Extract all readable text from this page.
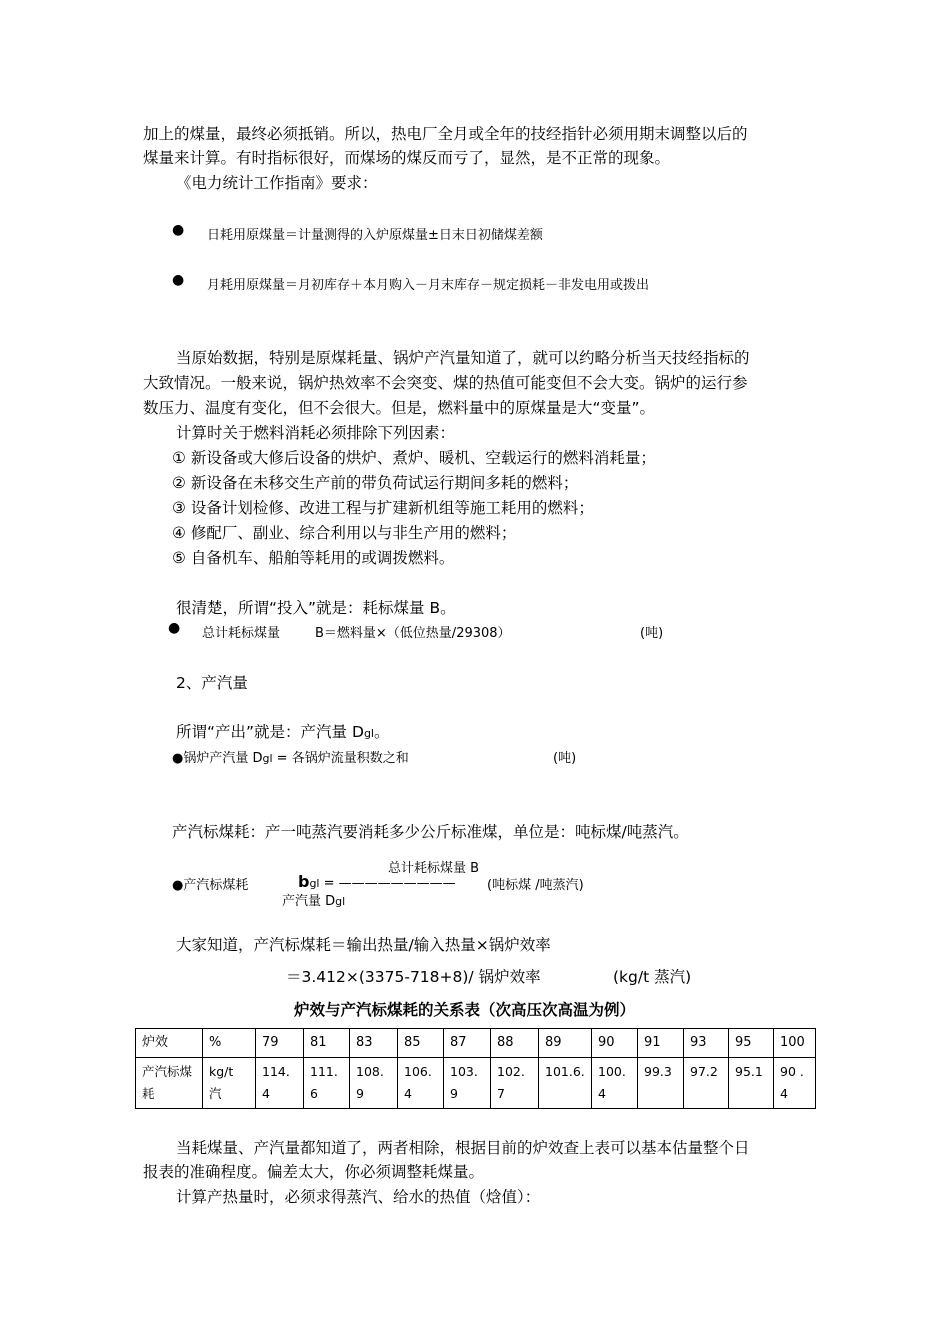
加上的煤量，最终必须抵销。所以，热电厂全月或全年的技经指针必须用期末调整以后的
煤量来计算。有时指标很好，而煤场的煤反而亏了，显然，是不正常的现象。
《电力统计工作指南》要求：
● 日耗用原煤量＝计量测得的入炉原煤量±日末日初储煤差额
● 月耗用原煤量＝月初库存＋本月购入－月末库存－规定损耗－非发电用或拨出
当原始数据，特别是原煤耗量、锅炉产汽量知道了，就可以约略分析当天技经指标的
大致情况。一般来说，锅炉热效率不会突变、煤的热值可能变但不会大变。锅炉的运行参
数压力、温度有变化，但不会很大。但是，燃料量中的原煤量是大“变量”。
计算时关于燃料消耗必须排除下列因素：
① 新设备或大修后设备的烘炉、煮炉、暖机、空载运行的燃料消耗量；
② 新设备在未移交生产前的带负荷试运行期间多耗的燃料；
③ 设备计划检修、改进工程与扩建新机组等施工耗用的燃料；
④ 修配厂、副业、综合利用以与非生产用的燃料；
⑤ 自备机车、船舶等耗用的或调拨燃料。
很清楚，所谓“投入”就是：耗标煤量 B。
● 总计耗标煤量	B＝燃料量×（低位热量/29308）	(吨)
2、产汽量
所谓“产出”就是：产汽量 Dgl。
●锅炉产汽量 Dgl = 各锅炉流量积数之和	(吨)
产汽标煤耗：产一吨蒸汽要消耗多少公斤标准煤，单位是：吨标煤/吨蒸汽。
总计耗标煤量 B
●产汽标煤耗	bgl = ————————— (吨标煤 /吨蒸汽)
产汽量 Dgl
大家知道，产汽标煤耗＝输出热量/输入热量×锅炉效率
＝3.412×(3375-718+8)/ 锅炉效率	(kg/t 蒸汽)
炉效与产汽标煤耗的关系表（次高压次高温为例）
炉效	%	79	81	83	85	87	88	89	90	91	93	95	100
产汽标煤耗	kg/t 汽	114.4	111.6	108.9	106.4	103.9	102.7	101.6.	100.4	99.3	97.2	95.1	90 .4
当耗煤量、产汽量都知道了，两者相除，根据目前的炉效查上表可以基本估量整个日
报表的准确程度。偏差太大，你必须调整耗煤量。
计算产热量时，必须求得蒸汽、给水的热值（焓值）：
